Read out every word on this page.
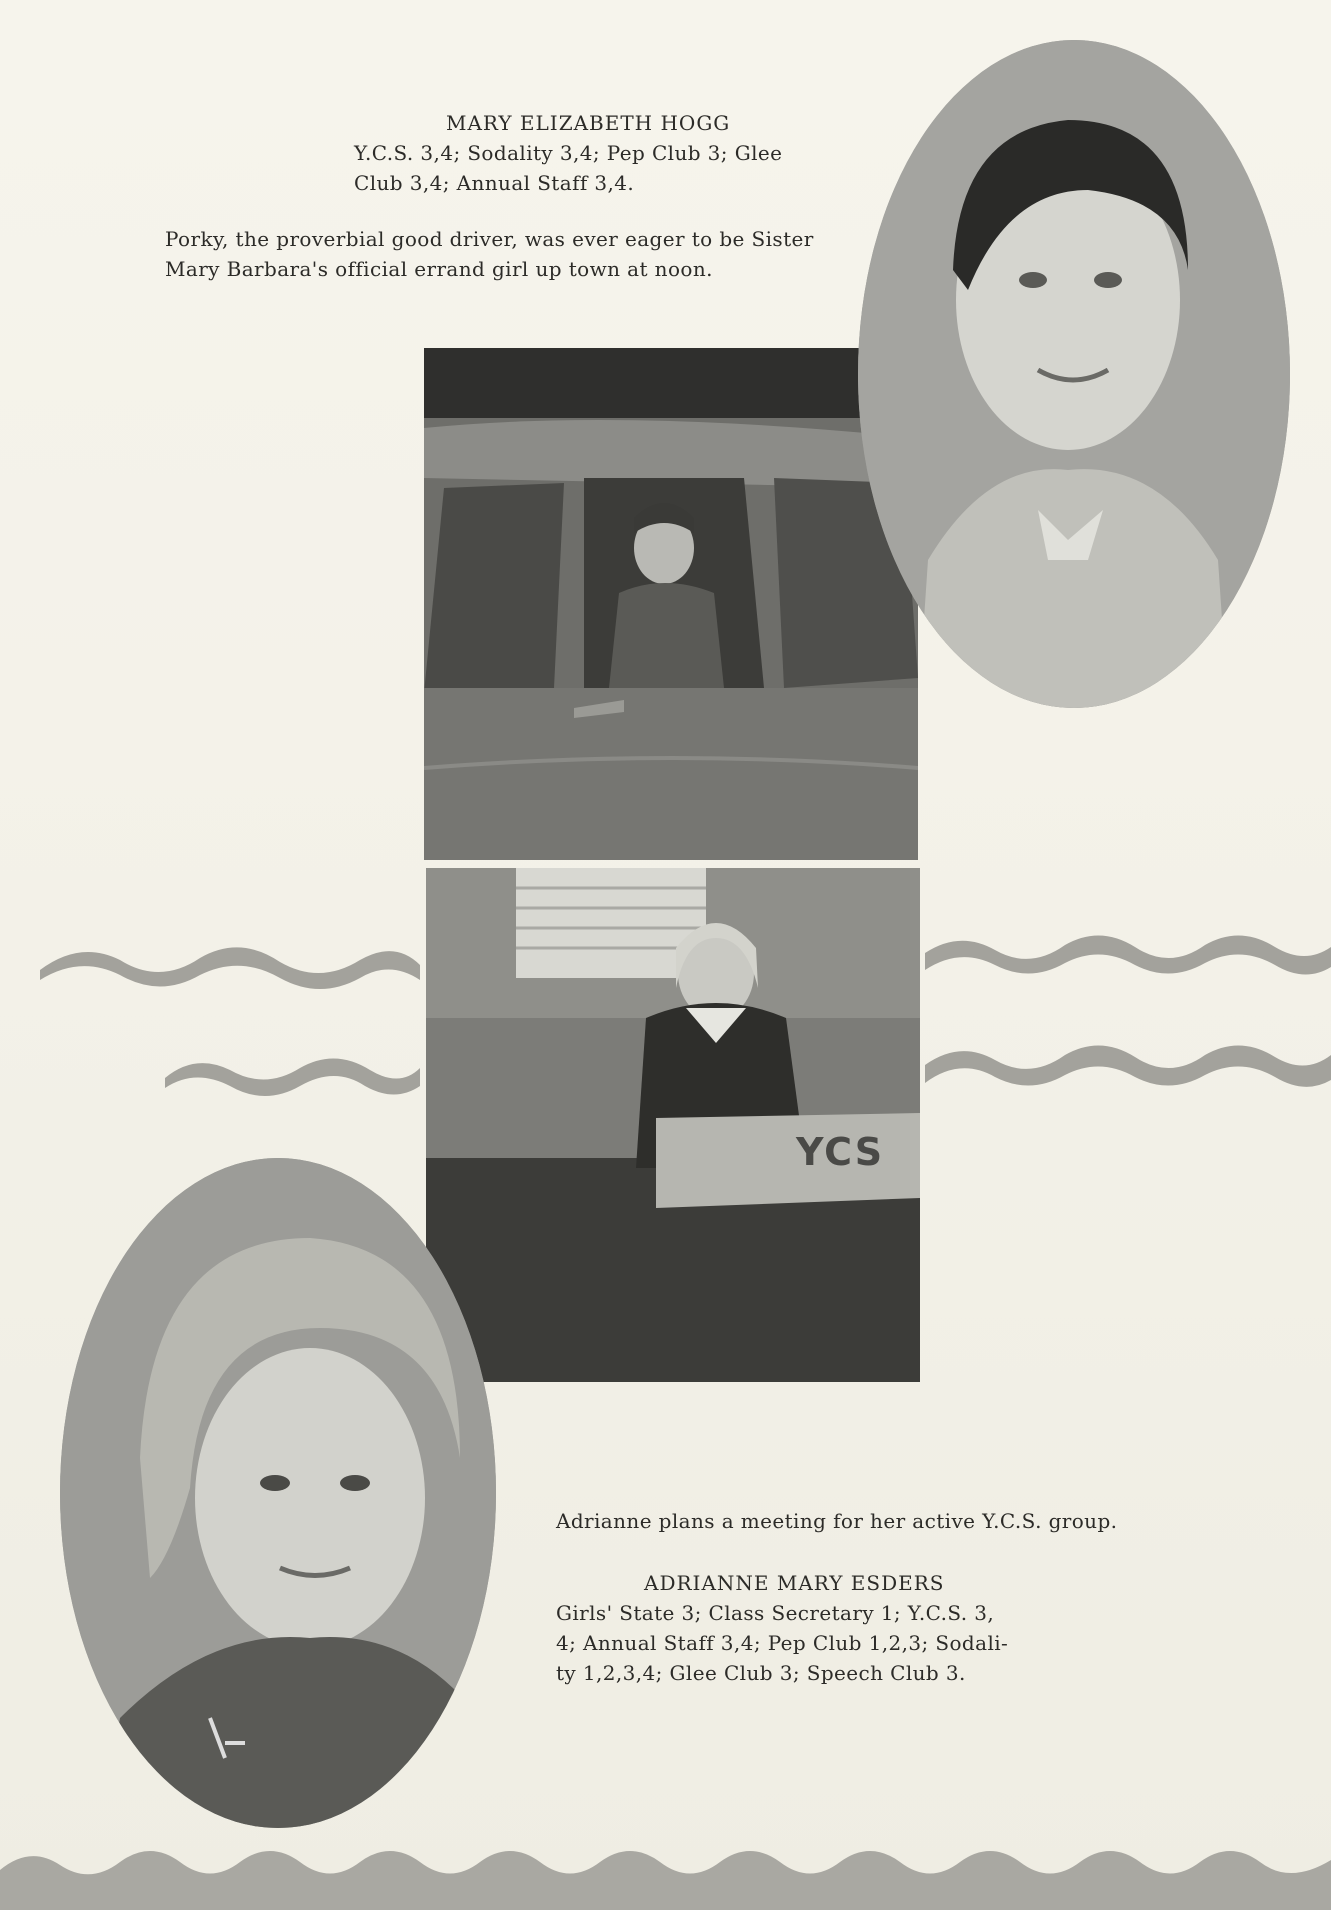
MARY ELIZABETH HOGG
Y.C.S. 3,4; Sodality 3,4; Pep Club 3; Glee
Club 3,4; Annual Staff 3,4.
Porky, the proverbial good driver, was ever eager to be Sister
Mary Barbara's official errand girl up town at noon.
YCS
Adrianne plans a meeting for her active Y.C.S. group.
ADRIANNE MARY ESDERS
Girls' State 3; Class Secretary 1; Y.C.S. 3,
4; Annual Staff 3,4; Pep Club 1,2,3; Sodali-
ty 1,2,3,4; Glee Club 3; Speech Club 3.
